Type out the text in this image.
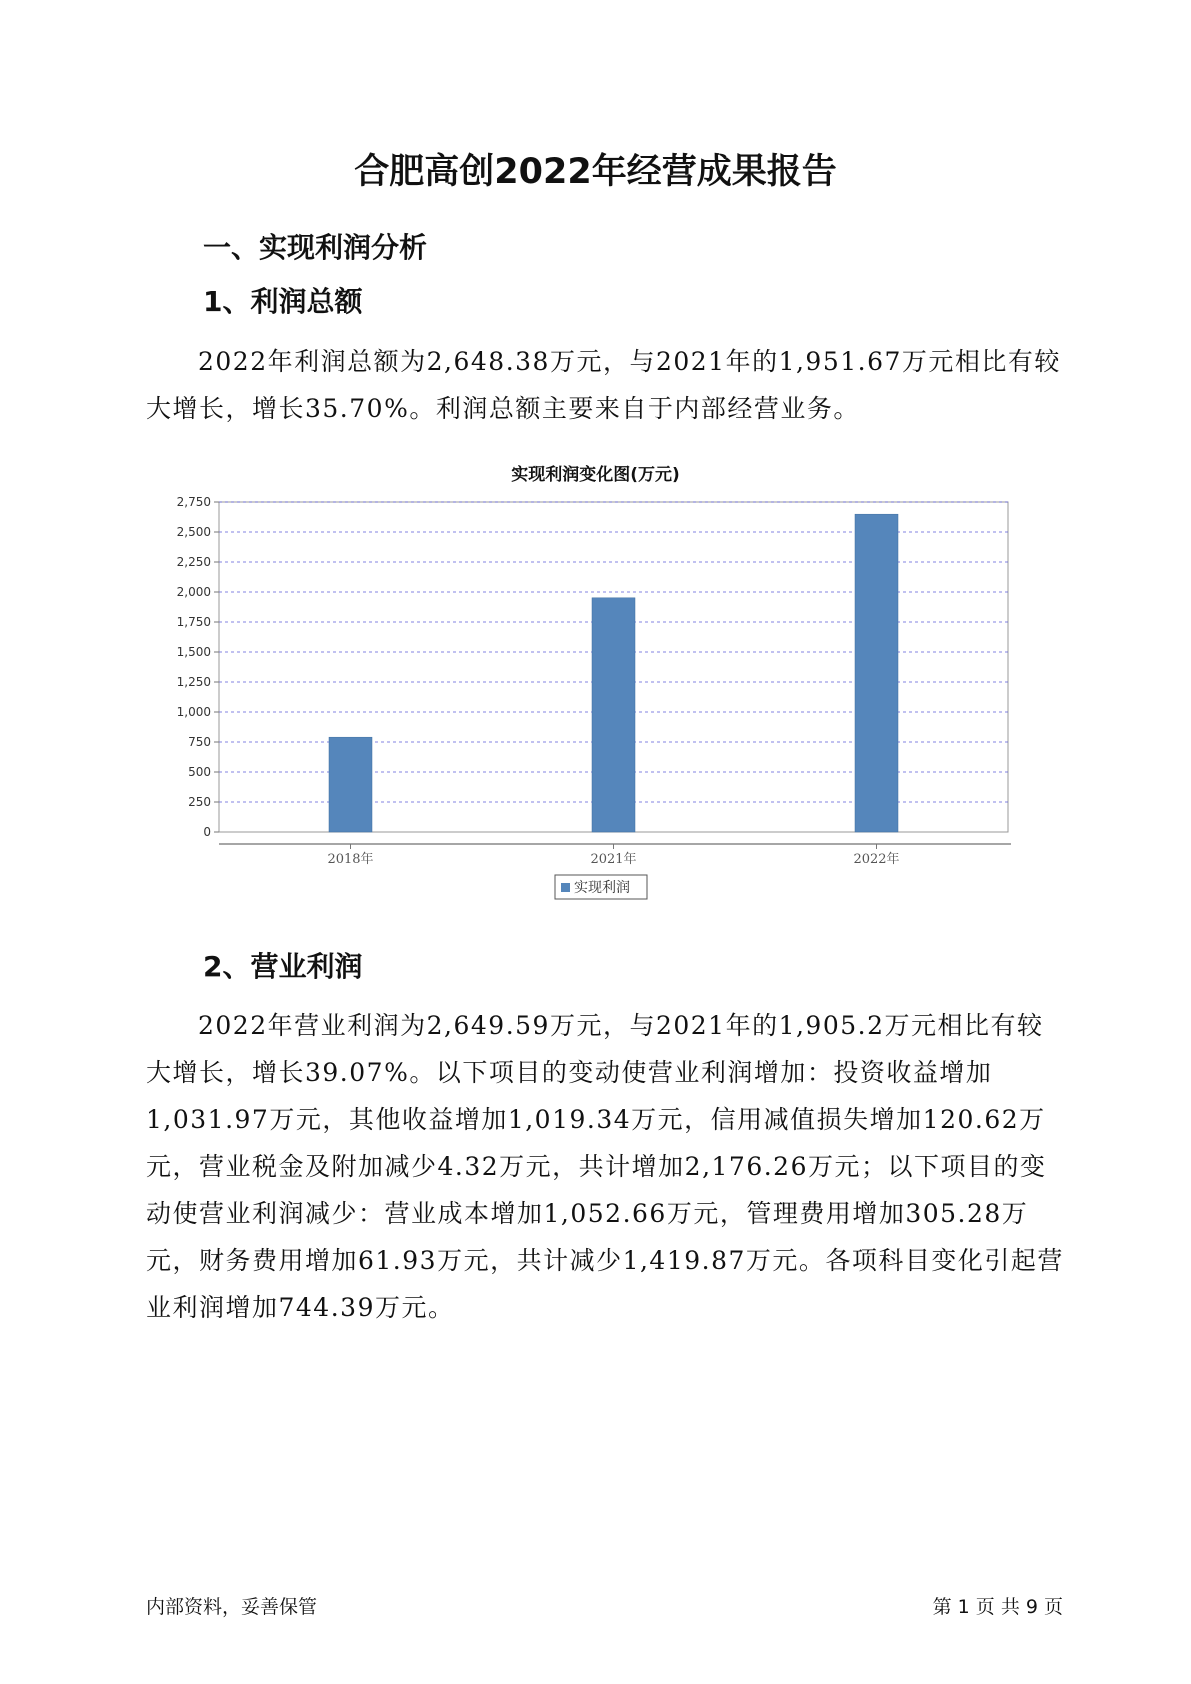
合肥高创2022年经营成果报告
一、实现利润分析
1、利润总额

2022年利润总额为2,648.38万元，与2021年的1,951.67万元相比有较大增长，增长35.70%。利润总额主要来自于内部经营业务。

实现利润变化图(万元)
0
250
500
750
1,000
1,250
1,500
1,750
2,000
2,250
2,500
2,750
2018年	2021年	2022年
实现利润
2、营业利润

2022年营业利润为2,649.59万元，与2021年的1,905.2万元相比有较大增长，增长39.07%。以下项目的变动使营业利润增加：投资收益增加1,031.97万元，其他收益增加1,019.34万元，信用减值损失增加120.62万元，营业税金及附加减少4.32万元，共计增加2,176.26万元；以下项目的变动使营业利润减少：营业成本增加1,052.66万元，管理费用增加305.28万元，财务费用增加61.93万元，共计减少1,419.87万元。各项科目变化引起营业利润增加744.39万元。

内部资料，妥善保管	第 1 页 共 9 页
